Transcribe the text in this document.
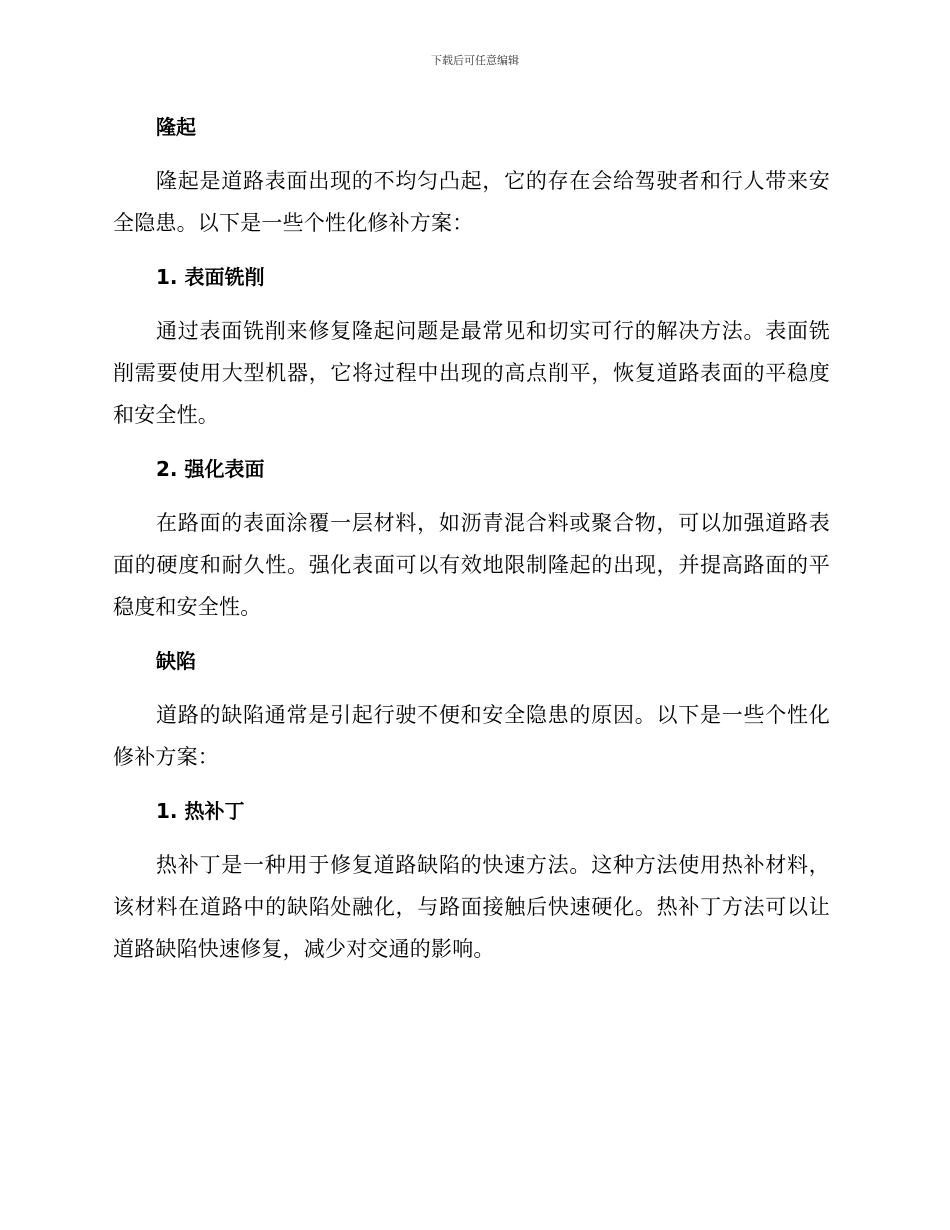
下载后可任意编辑
隆起

隆起是道路表面出现的不均匀凸起，它的存在会给驾驶者和行人带来安全隐患。以下是一些个性化修补方案：

1. 表面铣削

通过表面铣削来修复隆起问题是最常见和切实可行的解决方法。表面铣削需要使用大型机器，它将过程中出现的高点削平，恢复道路表面的平稳度和安全性。

2. 强化表面

在路面的表面涂覆一层材料，如沥青混合料或聚合物，可以加强道路表面的硬度和耐久性。强化表面可以有效地限制隆起的出现，并提高路面的平稳度和安全性。

缺陷

道路的缺陷通常是引起行驶不便和安全隐患的原因。以下是一些个性化修补方案：

1. 热补丁

热补丁是一种用于修复道路缺陷的快速方法。这种方法使用热补材料，该材料在道路中的缺陷处融化，与路面接触后快速硬化。热补丁方法可以让道路缺陷快速修复，减少对交通的影响。
